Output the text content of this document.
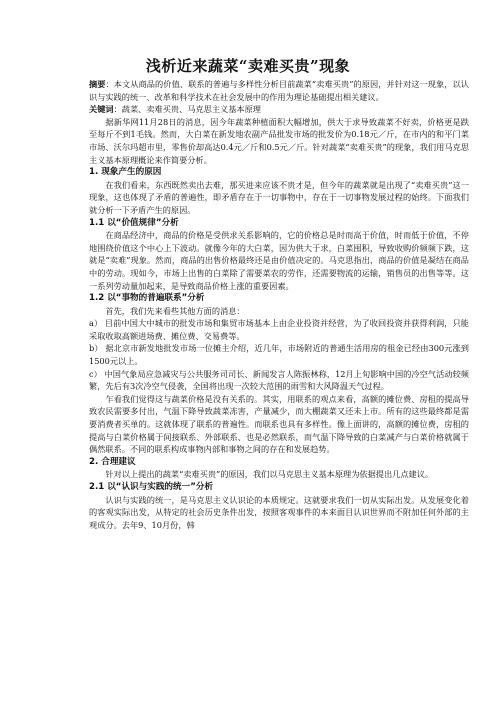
浅析近来蔬菜“卖难买贵”现象

摘要：本文从商品的价值、联系的普遍与多样性分析目前蔬菜“卖难买贵”的原因，并针对这一现象，以认识与实践的统一、改革和科学技术在社会发展中的作用为理论基础提出相关建议。

关键词：蔬菜、卖难买贵、马克思主义基本原理

据新华网11月28日的消息，因今年蔬菜种植面积大幅增加，供大于求导致蔬菜不好卖，价格更是跌至每斤不到1毛钱。然而，大白菜在新发地农副产品批发市场的批发价为0.18元／斤，在市内的和平门菜市场、沃尔玛超市里，零售价却高达0.4元／斤和0.5元／斤。针对蔬菜“卖难买贵”的现象，我们用马克思主义基本原理概论来作简要分析。

1. 现象产生的原因

在我们看来，东西既然卖出去难，那买进来应该不贵才是，但今年的蔬菜就是出现了“卖难买贵”这一现象，这也体现了矛盾的普遍性，即矛盾存在于一切事物中，存在于一切事物发展过程的始终。下面我们就分析一下矛盾产生的原因。

1.1 以“价值规律”分析

在商品经济中，商品的价格是受供求关系影响的，它的价格总是时而高于价值，时而低于价值，不停地围绕价值这个中心上下波动。就像今年的大白菜，因为供大于求，白菜囤积，导致收购价频频下跌，这就是“卖难”现象。然而，商品的出售价格最终还是由价值决定的。马克思指出，商品的价值是凝结在商品中的劳动。现如今，市场上出售的白菜除了需要菜农的劳作，还需要物流的运输，销售员的出售等等。这一系列劳动量加起来，是导致商品价格上涨的重要因素。

1.2 以“事物的普遍联系”分析

首先，我们先来看些其他方面的消息：

a） 目前中国大中城市的批发市场和集贸市场基本上由企业投资并经营，为了收回投资并获得利润，只能采取收取高额进场费、摊位费、交易费等。

b） 据北京市新发地批发市场一位摊主介绍，近几年，市场附近的普通生活用房的租金已经由300元涨到1500元以上。

c） 中国气象局应急减灾与公共服务司司长、新闻发言人陈振林称，12月上旬影响中国的冷空气活动较频繁，先后有3次冷空气侵袭，全国将出现一次较大范围的雨雪和大风降温天气过程。

乍看我们觉得这与蔬菜价格是没有关系的。其实，用联系的观点来看，高额的摊位费、房租的提高导致农民需要多付出，气温下降导致蔬菜冻害，产量减少，而大棚蔬菜又还未上市。所有的这些最终都是需要消费者买单的。这就体现了联系的普遍性。而联系也具有多样性。像上面讲的，高额的摊位费，房租的提高与白菜价格属于间接联系、外部联系、也是必然联系，而气温下降导致的白菜减产与白菜价格就属于偶然联系。不同的联系构成事物内部和事物之间的存在和发展趋势。

2. 合理建议

针对以上提出的蔬菜“卖难买贵”的原因，我们以马克思主义基本原理为依据提出几点建议。

2.1 以“认识与实践的统一”分析

认识与实践的统一，是马克思主义认识论的本质规定。这就要求我们一切从实际出发。从发展变化着的客观实际出发，从特定的社会历史条件出发，按照客观事件的本来面目认识世界而不附加任何外部的主观成分。去年9、10月份，韩
